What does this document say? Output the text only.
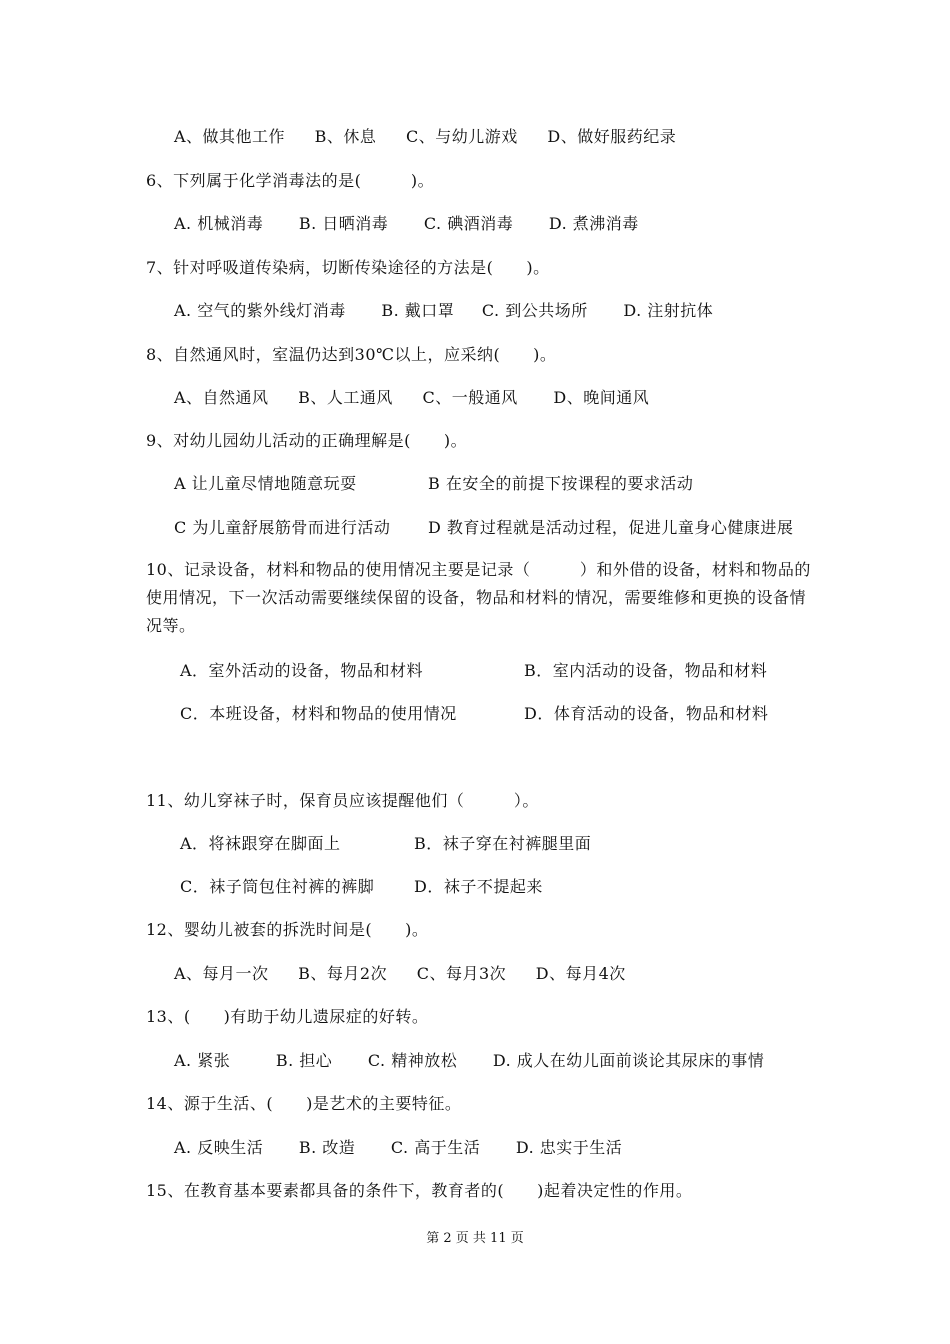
A、做其他工作 B、休息 C、与幼儿游戏 D、做好服药纪录
6、下列属于化学消毒法的是(　　　)。
A. 机械消毒 B. 日晒消毒 C. 碘酒消毒 D. 煮沸消毒
7、针对呼吸道传染病，切断传染途径的方法是(　　)。
A. 空气的紫外线灯消毒 B. 戴口罩 C. 到公共场所 D. 注射抗体
8、自然通风时，室温仍达到30℃以上，应采纳(　　)。
A、自然通风 B、人工通风 C、一般通风 D、晚间通风
9、对幼儿园幼儿活动的正确理解是(　　)。
A 让儿童尽情地随意玩耍	B 在安全的前提下按课程的要求活动
C 为儿童舒展筋骨而进行活动 D 教育过程就是活动过程，促进儿童身心健康进展
10、记录设备，材料和物品的使用情况主要是记录（　　　）和外借的设备，材料和物品的使用情况，下一次活动需要继续保留的设备，物品和材料的情况，需要维修和更换的设备情况等。
A．室外活动的设备，物品和材料	B．室内活动的设备，物品和材料
C．本班设备，材料和物品的使用情况	D．体育活动的设备，物品和材料
11、幼儿穿袜子时，保育员应该提醒他们（　　　）。
A．将袜跟穿在脚面上	B．袜子穿在衬裤腿里面
C．袜子筒包住衬裤的裤脚 D．袜子不提起来
12、婴幼儿被套的拆洗时间是(　　)。
A、每月一次 B、每月2次 C、每月3次 D、每月4次
13、(　　)有助于幼儿遗尿症的好转。
A. 紧张	B. 担心 C. 精神放松 D. 成人在幼儿面前谈论其尿床的事情
14、源于生活、(　　)是艺术的主要特征。
A. 反映生活 B. 改造 C. 高于生活 D. 忠实于生活
15、在教育基本要素都具备的条件下，教育者的(　　)起着决定性的作用。
第 2 页 共 11 页
